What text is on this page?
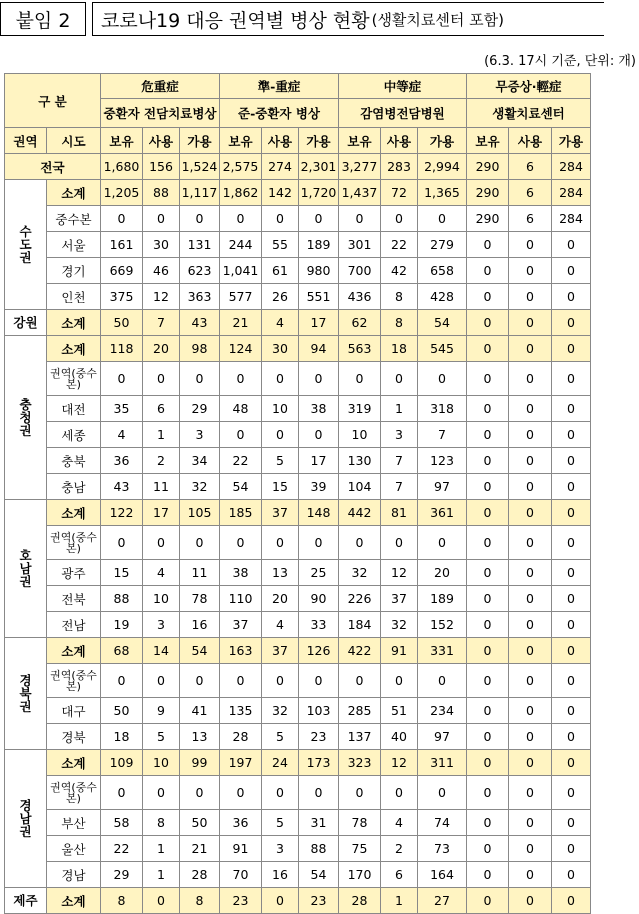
붙임 2	코로나19 대응 권역별 병상 현황 (생활치료센터 포함)
(6.3. 17시 기준, 단위: 개)
구 분		危重症			準-重症			中等症			무증상·輕症		
		중환자 전담치료병상			준-중환자 병상			감염병전담병원			생활치료센터		
권역	시도	보유	사용	가용	보유	사용	가용	보유	사용	가용	보유	사용	가용
전국		1,680	156	1,524	2,575	274	2,301	3,277	283	2,994	290	6	284

수
도
권	소계	1,205	88	1,117	1,862	142	1,720	1,437	72	1,365	290	6	284
	중수본	0	0	0	0	0	0	0	0	0	290	6	284
	서울	161	30	131	244	55	189	301	22	279	0	0	0
	경기	669	46	623	1,041	61	980	700	42	658	0	0	0
	인천	375	12	363	577	26	551	436	8	428	0	0	0
강원	소계	50	7	43	21	4	17	62	8	54	0	0	0

충
청
권	소계	118	20	98	124	30	94	563	18	545	0	0	0
	권역(중수본)	0	0	0	0	0	0	0	0	0	0	0	0
	대전	35	6	29	48	10	38	319	1	318	0	0	0
	세종	4	1	3	0	0	0	10	3	7	0	0	0
	충북	36	2	34	22	5	17	130	7	123	0	0	0
	충남	43	11	32	54	15	39	104	7	97	0	0	0

호
남
권	소계	122	17	105	185	37	148	442	81	361	0	0	0
	권역(중수본)	0	0	0	0	0	0	0	0	0	0	0	0
	광주	15	4	11	38	13	25	32	12	20	0	0	0
	전북	88	10	78	110	20	90	226	37	189	0	0	0
	전남	19	3	16	37	4	33	184	32	152	0	0	0

경
북
권	소계	68	14	54	163	37	126	422	91	331	0	0	0
	권역(중수본)	0	0	0	0	0	0	0	0	0	0	0	0
	대구	50	9	41	135	32	103	285	51	234	0	0	0
	경북	18	5	13	28	5	23	137	40	97	0	0	0

경
남
권	소계	109	10	99	197	24	173	323	12	311	0	0	0
	권역(중수본)	0	0	0	0	0	0	0	0	0	0	0	0
	부산	58	8	50	36	5	31	78	4	74	0	0	0
	울산	22	1	21	91	3	88	75	2	73	0	0	0
	경남	29	1	28	70	16	54	170	6	164	0	0	0
제주	소계	8	0	8	23	0	23	28	1	27	0	0	0
